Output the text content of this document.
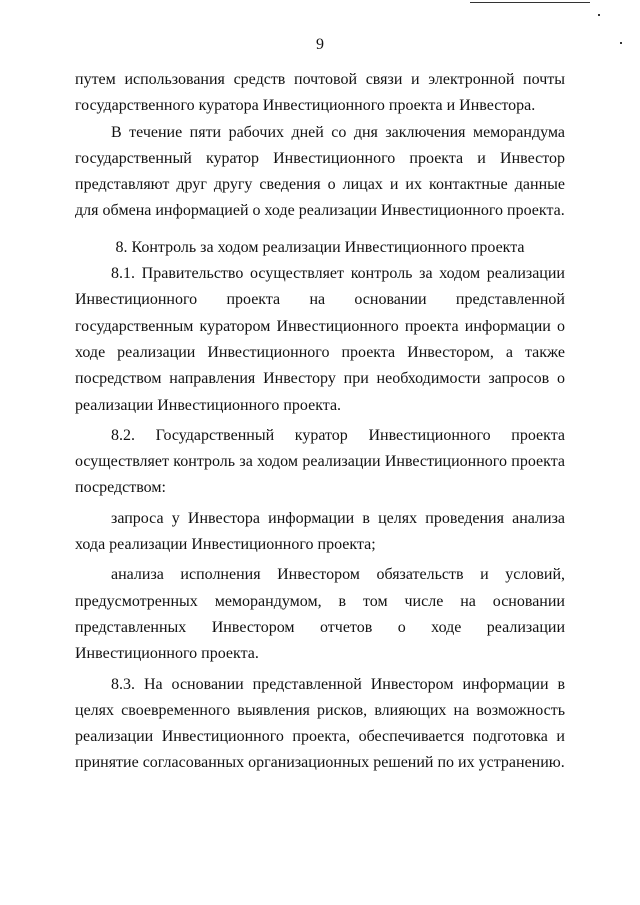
9

путем использования средств почтовой связи и электронной почты государственного куратора Инвестиционного проекта и Инвестора.

В течение пяти рабочих дней со дня заключения меморандума государственный куратор Инвестиционного проекта и Инвестор представляют друг другу сведения о лицах и их контактные данные для обмена информацией о ходе реализации Инвестиционного проекта.

8. Контроль за ходом реализации Инвестиционного проекта

8.1. Правительство осуществляет контроль за ходом реализации Инвестиционного проекта на основании представленной государственным куратором Инвестиционного проекта информации о ходе реализации Инвестиционного проекта Инвестором, а также посредством направления Инвестору при необходимости запросов о реализации Инвестиционного проекта.

8.2. Государственный куратор Инвестиционного проекта осуществляет контроль за ходом реализации Инвестиционного проекта посредством:

запроса у Инвестора информации в целях проведения анализа хода реализации Инвестиционного проекта;

анализа исполнения Инвестором обязательств и условий, предусмотренных меморандумом, в том числе на основании представленных Инвестором отчетов о ходе реализации Инвестиционного проекта.

8.3. На основании представленной Инвестором информации в целях своевременного выявления рисков, влияющих на возможность реализации Инвестиционного проекта, обеспечивается подготовка и принятие согласованных организационных решений по их устранению.
